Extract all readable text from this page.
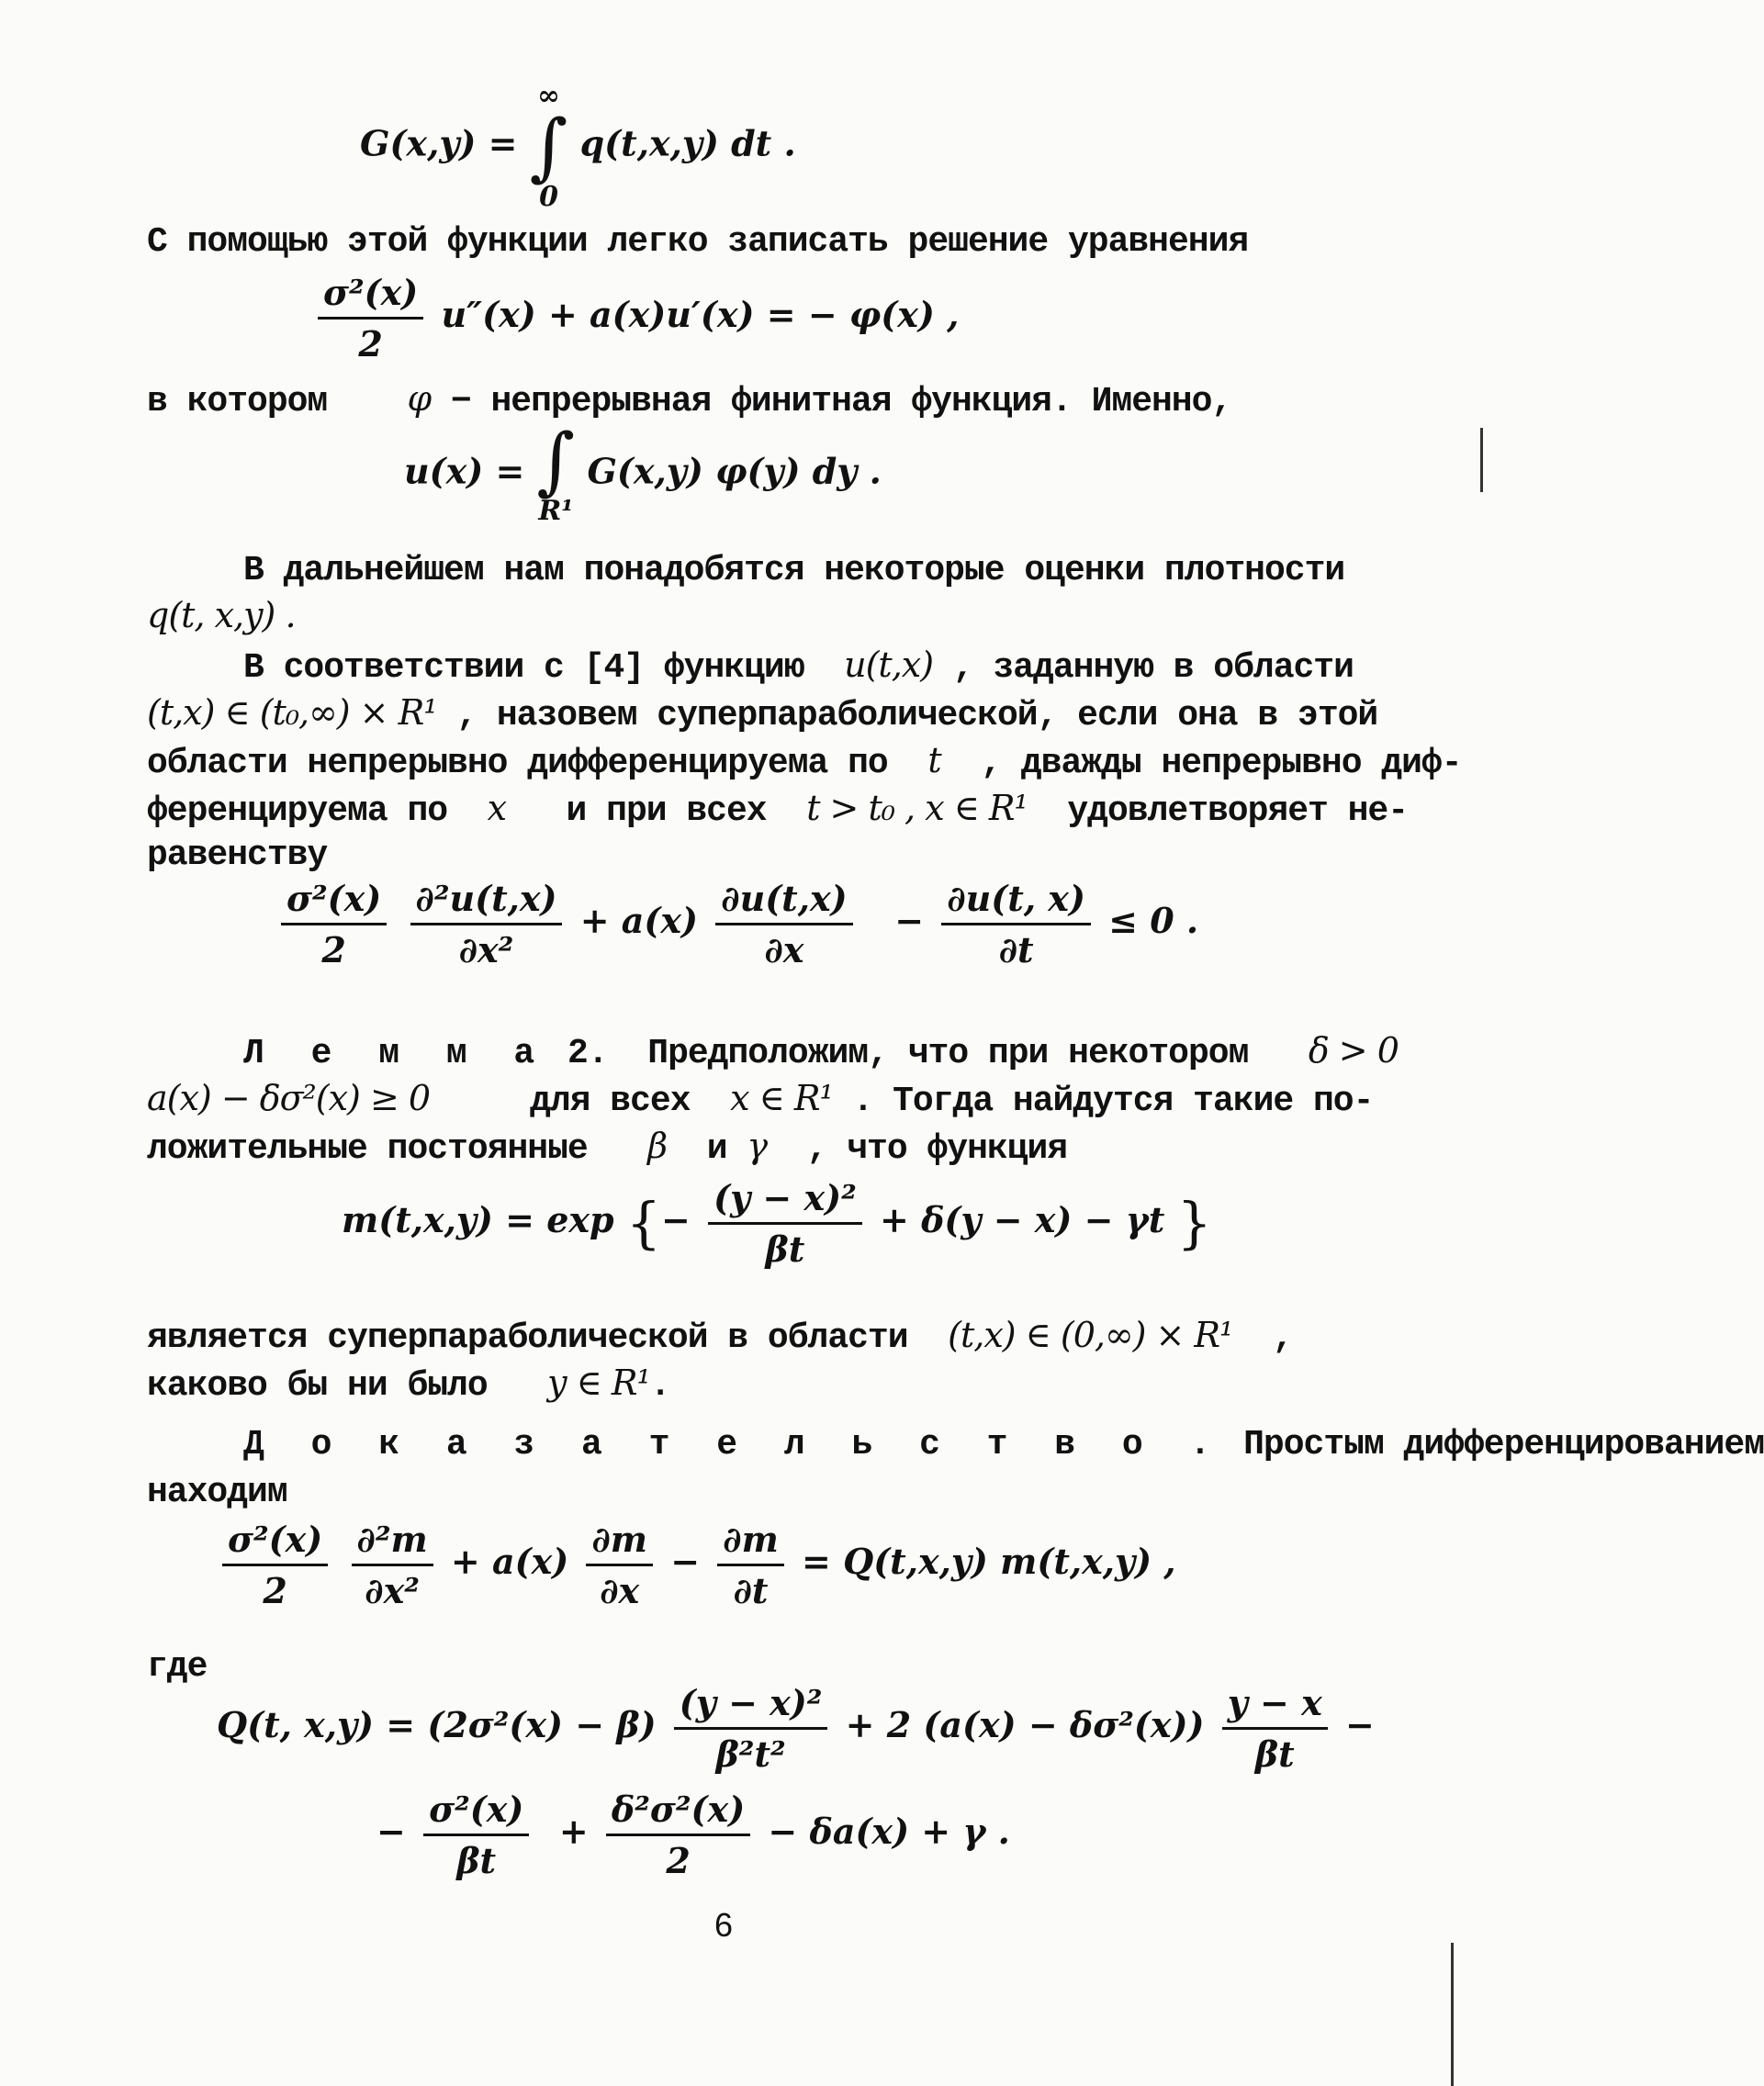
G(x,y) =
∞
∫
0
q(t,x,y) dt .
С помощью этой функции легко записать решение уравнения
$\frac{\text{σ²(x)}}{2} u''(x) + a(x)u'(x)$ = − φ(x) ,
в котором φ − непрерывная финитная функция. Именно,
u(x) = ∫
R¹
G(x,y) φ(y) dy .
В дальнейшем нам понадобятся некоторые оценки плотности
q(t, x,y) .
В соответствии с [4] функцию u(t,x) , заданную в области
(t,x) ∈ (t₀,∞) × R¹ , назовем суперпараболической, если она в этой
области непрерывно дифференцируема по t , дважды непрерывно диф-
ференцируема по x и при всех t > t₀ , x ∈ R¹ удовлетворяет не-
равенству
$\frac{\text{σ²(x)}}{2}$
$\frac{\text{∂²u(t,x)}}{\text{∂x²}} + a(x) \frac{\partial u(t,x)}{\partial x} - \frac{\partial u(t, x)}{\partial t} \le 0$ .
Л е м м а 2. Предположим, что при некотором δ > 0
a(x) − δσ²(x) ≥ 0	для всех x ∈ R¹ . Тогда найдутся такие по-
ложительные постоянные β и γ , что функция
m(t,x,y) = exp {− $\frac{\text{(y − x)²}}{\beta t} + \delta(y - x) - \gamma t$ }
является суперпараболической в области (t,x) ∈ (0,∞) × R¹ ,
каково бы ни было y ∈ R¹.
Д о к а з а т е л ь с т в о . Простым дифференцированием
находим
$\frac{\text{σ²(x)}}{2}$
$\frac{\text{∂²m}}{\text{∂x²}} + a(x) \frac{\partial m}{\partial x} - \frac{\partial m}{\partial t} = Q(t,x,y)$ m(t,x,y) ,
где
Q(t, $x,y) = (2\sigma^2(x) - \beta) \frac{\text{(y − x)²}}{\text{β²t²}} + 2$ $(a(x) - \delta\sigma^2(x)) \frac{y - x}{\beta t}$ −
− $\frac{\text{σ²(x)}}{\beta t} + \frac{\text{δ²σ²(x)}}{2} - \delta a(x) + \gamma$ .
6
